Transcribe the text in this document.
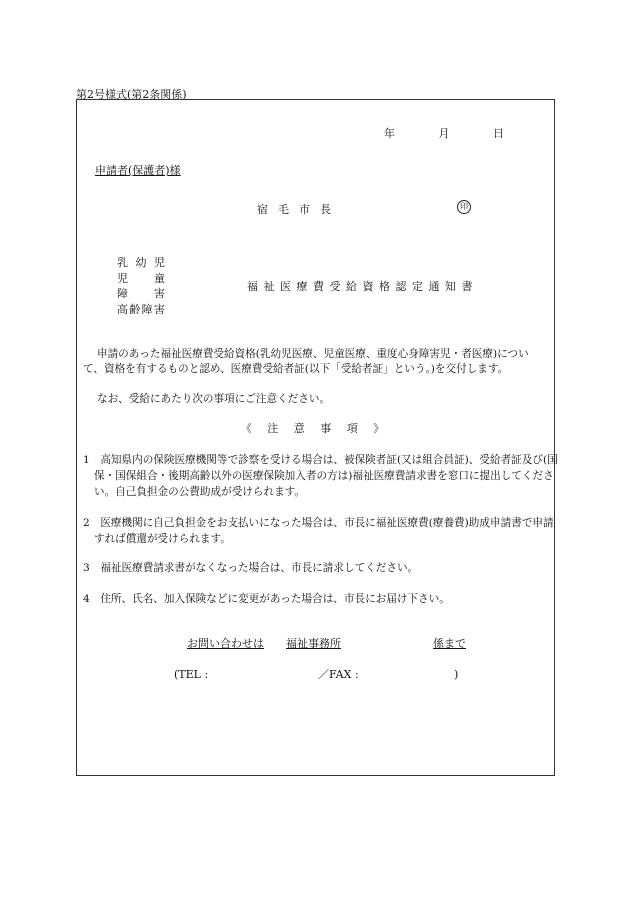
第2号様式(第2条関係)
年	月	日
申請者(保護者)様
宿毛市長	印
乳幼児
児童
障害
高齢障害
福祉医療費受給資格認定通知書
申請のあった福祉医療費受給資格(乳幼児医療、児童医療、重度心身障害児・者医療)について、資格を有するものと認め、医療費受給者証(以下「受給者証」という。)を交付します。
なお、受給にあたり次の事項にご注意ください。
《 注 意 事 項 》
1　高知県内の保険医療機関等で診察を受ける場合は、被保険者証(又は組合員証)、受給者証及び(国保・国保組合・後期高齢以外の医療保険加入者の方は)福祉医療費請求書を窓口に提出してください。自己負担金の公費助成が受けられます。
2　医療機関に自己負担金をお支払いになった場合は、市長に福祉医療費(療養費)助成申請書で申請すれば償還が受けられます。
3　福祉医療費請求書がなくなった場合は、市長に請求してください。
4　住所、氏名、加入保険などに変更があった場合は、市長にお届け下さい。
お問い合わせは 福祉事務所	係まで
(TEL :	／FAX :	)
